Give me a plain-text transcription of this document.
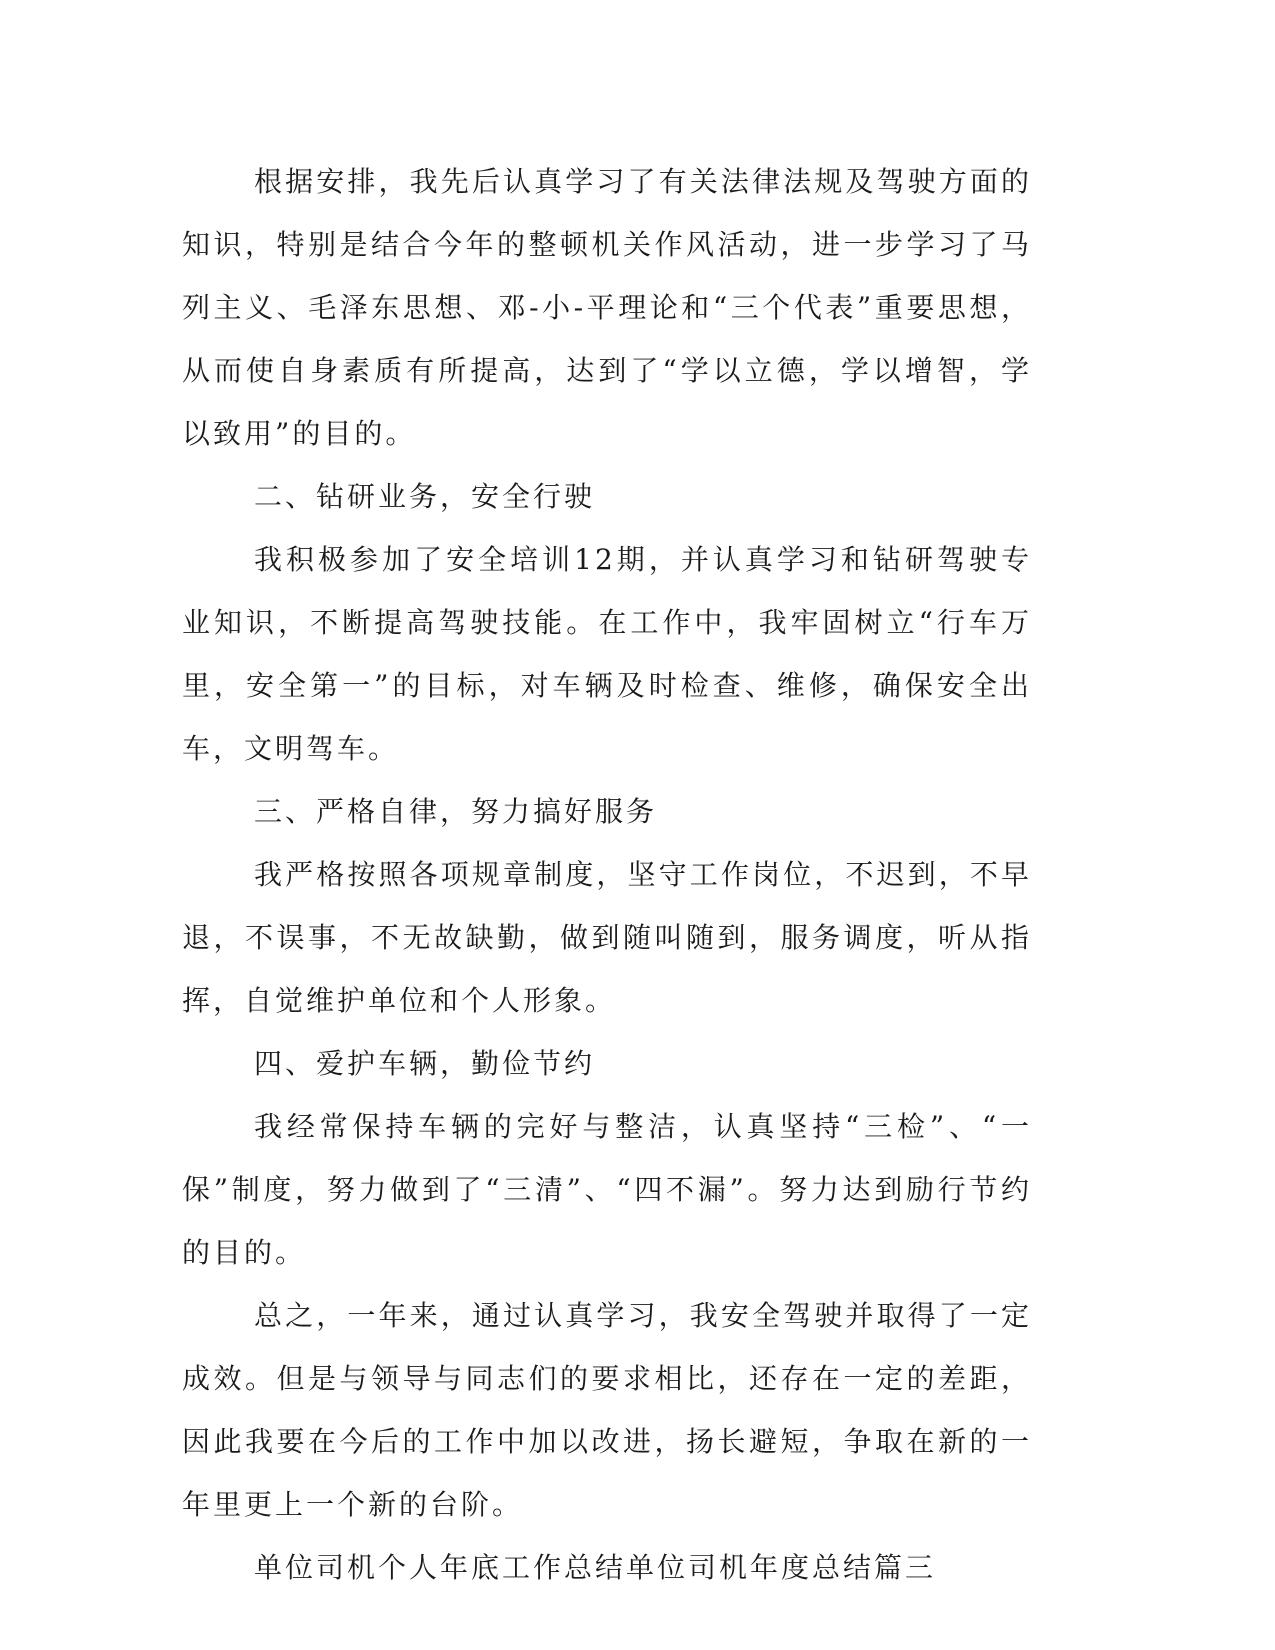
根据安排，我先后认真学习了有关法律法规及驾驶方面的知识，特别是结合今年的整顿机关作风活动，进一步学习了马列主义、毛泽东思想、邓-小-平理论和“三个代表”重要思想，从而使自身素质有所提高，达到了“学以立德，学以增智，学以致用”的目的。

二、钻研业务，安全行驶

我积极参加了安全培训12期，并认真学习和钻研驾驶专业知识，不断提高驾驶技能。在工作中，我牢固树立“行车万里，安全第一”的目标，对车辆及时检查、维修，确保安全出车，文明驾车。

三、严格自律，努力搞好服务

我严格按照各项规章制度，坚守工作岗位，不迟到，不早退，不误事，不无故缺勤，做到随叫随到，服务调度，听从指挥，自觉维护单位和个人形象。

四、爱护车辆，勤俭节约

我经常保持车辆的完好与整洁，认真坚持“三检”、“一保”制度，努力做到了“三清”、“四不漏”。努力达到励行节约的目的。

总之，一年来，通过认真学习，我安全驾驶并取得了一定成效。但是与领导与同志们的要求相比，还存在一定的差距，因此我要在今后的工作中加以改进，扬长避短，争取在新的一年里更上一个新的台阶。

单位司机个人年底工作总结单位司机年度总结篇三
